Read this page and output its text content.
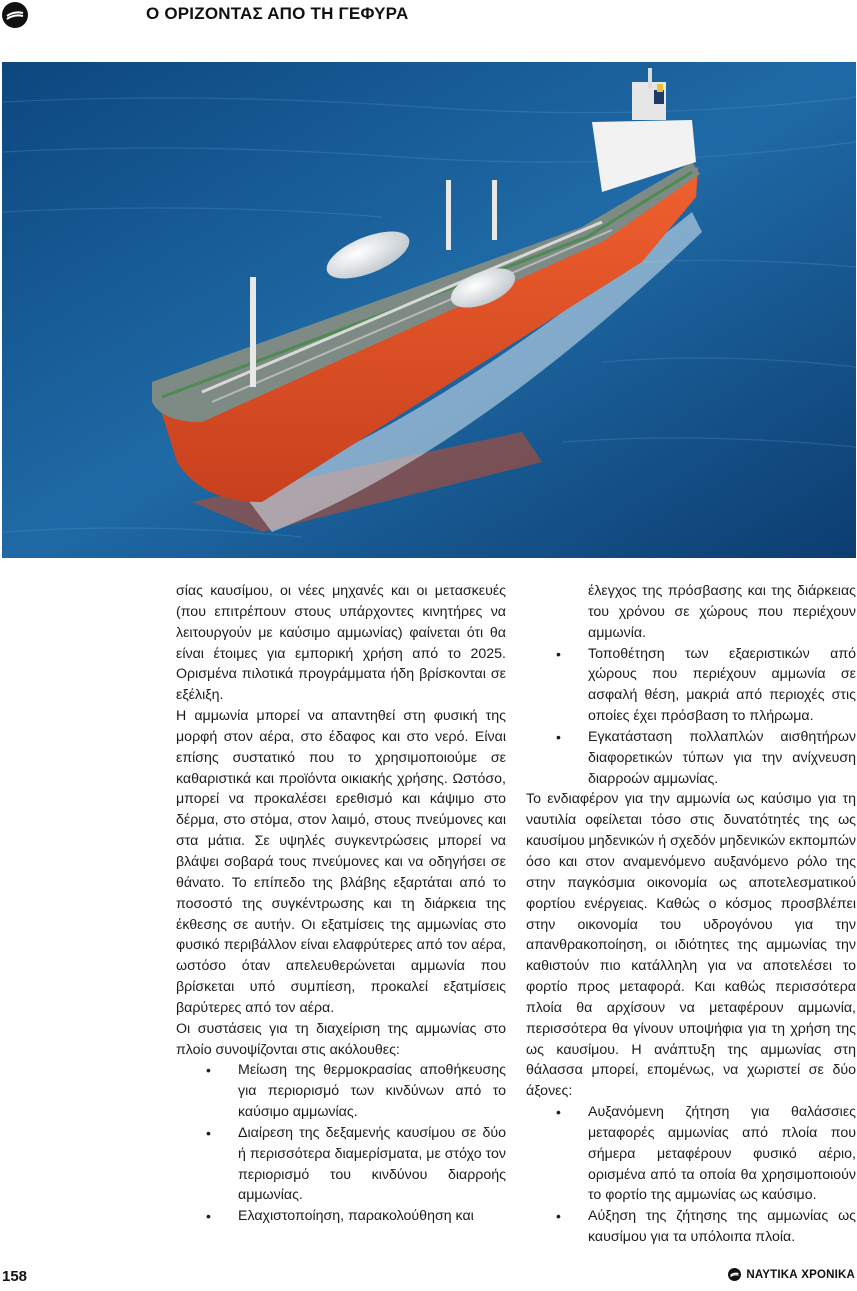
Ο ΟΡΙΖΟΝΤΑΣ ΑΠΟ ΤΗ ΓΕΦΥΡΑ

σίας καυσίμου, οι νέες μηχανές και οι μετασκευές (που επιτρέπουν στους υπάρχοντες κινητήρες να λειτουργούν με καύσιμο αμμωνίας) φαίνεται ότι θα είναι έτοιμες για εμπορική χρήση από το 2025. Ορισμένα πιλοτικά προγράμματα ήδη βρίσκονται σε εξέλιξη.

Η αμμωνία μπορεί να απαντηθεί στη φυσική της μορφή στον αέρα, στο έδαφος και στο νερό. Είναι επίσης συστατικό που το χρησιμοποιούμε σε καθαριστικά και προϊόντα οικιακής χρήσης. Ωστόσο, μπορεί να προκαλέσει ερεθισμό και κάψιμο στο δέρμα, στο στόμα, στον λαιμό, στους πνεύμονες και στα μάτια. Σε υψηλές συγκεντρώσεις μπορεί να βλάψει σοβαρά τους πνεύμονες και να οδηγήσει σε θάνατο. Το επίπεδο της βλάβης εξαρτάται από το ποσοστό της συγκέντρωσης και τη διάρκεια της έκθεσης σε αυτήν. Οι εξατμίσεις της αμμωνίας στο φυσικό περιβάλλον είναι ελαφρύτερες από τον αέρα, ωστόσο όταν απελευθερώνεται αμμωνία που βρίσκεται υπό συμπίεση, προκαλεί εξατμίσεις βαρύτερες από τον αέρα.

Οι συστάσεις για τη διαχείριση της αμμωνίας στο πλοίο συνοψίζονται στις ακόλουθες:

• Μείωση της θερμοκρασίας αποθήκευσης για περιορισμό των κινδύνων από το καύσιμο αμμωνίας.
• Διαίρεση της δεξαμενής καυσίμου σε δύο ή περισσότερα διαμερίσματα, με στόχο τον περιορισμό του κινδύνου διαρροής αμμωνίας.
• Ελαχιστοποίηση, παρακολούθηση και

έλεγχος της πρόσβασης και της διάρκειας του χρόνου σε χώρους που περιέχουν αμμωνία.

• Τοποθέτηση των εξαεριστικών από χώρους που περιέχουν αμμωνία σε ασφαλή θέση, μακριά από περιοχές στις οποίες έχει πρόσβαση το πλήρωμα.
• Εγκατάσταση πολλαπλών αισθητήρων διαφορετικών τύπων για την ανίχνευση διαρροών αμμωνίας.

Το ενδιαφέρον για την αμμωνία ως καύσιμο για τη ναυτιλία οφείλεται τόσο στις δυνατότητές της ως καυσίμου μηδενικών ή σχεδόν μηδενικών εκπομπών όσο και στον αναμενόμενο αυξανόμενο ρόλο της στην παγκόσμια οικονομία ως αποτελεσματικού φορτίου ενέργειας. Καθώς ο κόσμος προσβλέπει στην οικονομία του υδρογόνου για την απανθρακοποίηση, οι ιδιότητες της αμμωνίας την καθιστούν πιο κατάλληλη για να αποτελέσει το φορτίο προς μεταφορά. Και καθώς περισσότερα πλοία θα αρχίσουν να μεταφέρουν αμμωνία, περισσότερα θα γίνουν υποψήφια για τη χρήση της ως καυσίμου. Η ανάπτυξη της αμμωνίας στη θάλασσα μπορεί, επομένως, να χωριστεί σε δύο άξονες:

• Αυξανόμενη ζήτηση για θαλάσσιες μεταφορές αμμωνίας από πλοία που σήμερα μεταφέρουν φυσικό αέριο, ορισμένα από τα οποία θα χρησιμοποιούν το φορτίο της αμμωνίας ως καύσιμο.
• Αύξηση της ζήτησης της αμμωνίας ως καυσίμου για τα υπόλοιπα πλοία.
158	ΝΑΥΤΙΚΑ ΧΡΟΝΙΚΑ
